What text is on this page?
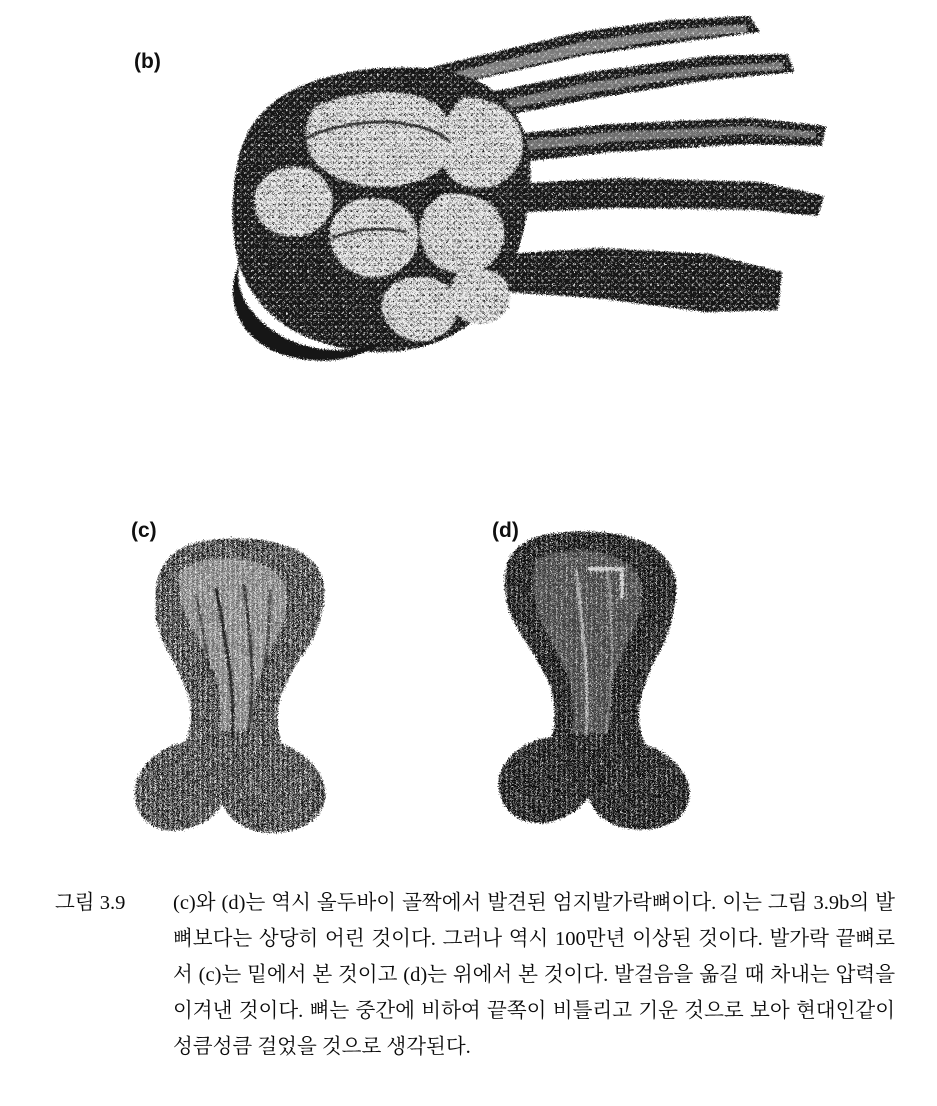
(b)
(c)	(d)
그림 3.9	(c)와 (d)는 역시 올두바이 골짝에서 발견된 엄지발가락뼈이다. 이는 그림 3.9b의 발뼈보다는 상당히 어린 것이다. 그러나 역시 100만년 이상된 것이다. 발가락 끝뼈로서 (c)는 밑에서 본 것이고 (d)는 위에서 본 것이다. 발걸음을 옮길 때 차내는 압력을 이겨낸 것이다. 뼈는 중간에 비하여 끝쪽이 비틀리고 기운 것으로 보아 현대인같이 성큼성큼 걸었을 것으로 생각된다.
